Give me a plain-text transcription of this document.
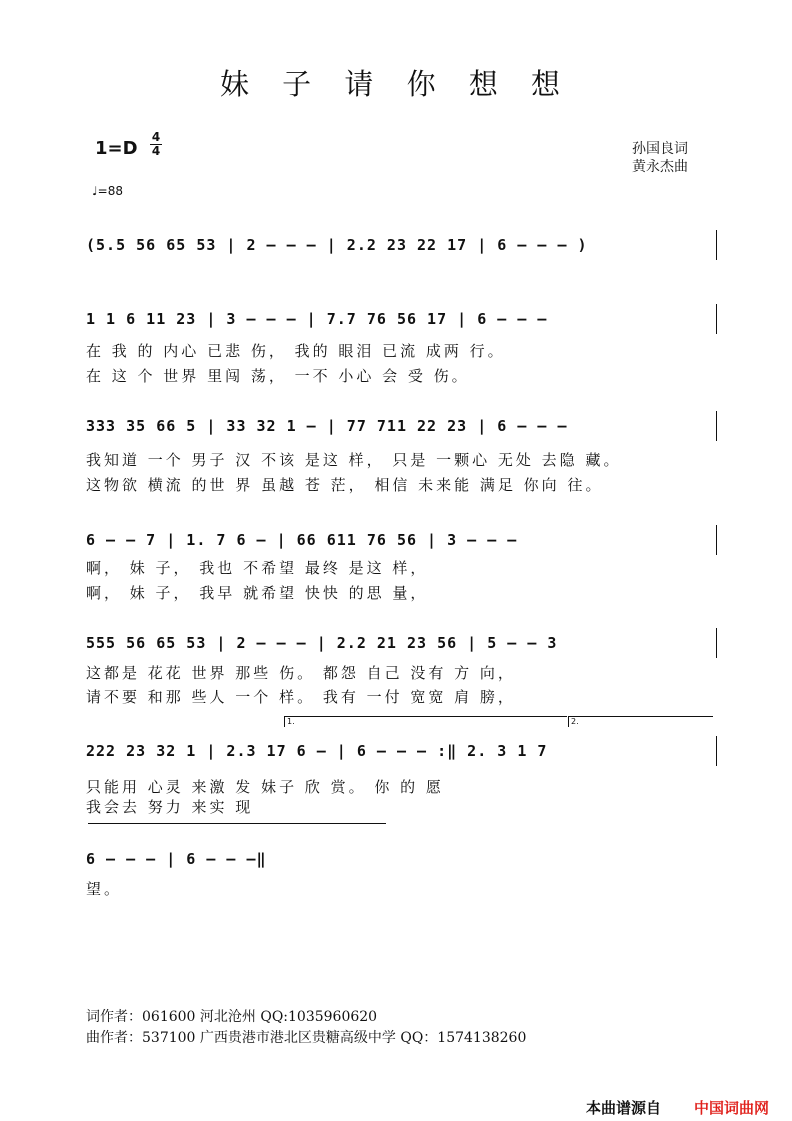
妹 子 请 你 想 想
1=D
4
4
♩=88
孙国良词
黄永杰曲
(5.5 56 65 53 | 2 – – – | 2.2 23 22 17 | 6 – – – )
1 1 6 11 23 | 3 – – – | 7.7 76 56 17 | 6 – – –
在 我 的 内心 已悲 伤， 我的 眼泪 已流 成两 行。
在 这 个 世界 里闯 荡， 一不 小心 会 受 伤。
333 35 66 5 | 33 32 1 – | 77 711 22 23 | 6 – – –
我知道 一个 男子 汉 不该 是这 样， 只是 一颗心 无处 去隐 藏。
这物欲 横流 的世 界 虽越 苍 茫， 相信 未来能 满足 你向 往。
6 – – 7 | 1. 7 6 – | 66 611 76 56 | 3 – – –
啊， 妹 子， 我也 不希望 最终 是这 样，
啊， 妹 子， 我早 就希望 快快 的思 量，
555 56 65 53 | 2 – – – | 2.2 21 23 56 | 5 – – 3
这都是 花花 世界 那些 伤。 都怨 自己 没有 方 向，
请不要 和那 些人 一个 样。 我有 一付 宽宽 肩 膀，
1.	2.
222 23 32 1 | 2.3 17 6 – | 6 – – – :‖ 2. 3 1 7
只能用 心灵 来激 发 妹子 欣 赏。 你 的 愿
我会去 努力 来实 现
6 – – – | 6 – – –‖
望。
词作者：061600 河北沧州 QQ:1035960620
曲作者：537100 广西贵港市港北区贵糖高级中学 QQ：1574138260
本曲谱源自 中国词曲网
